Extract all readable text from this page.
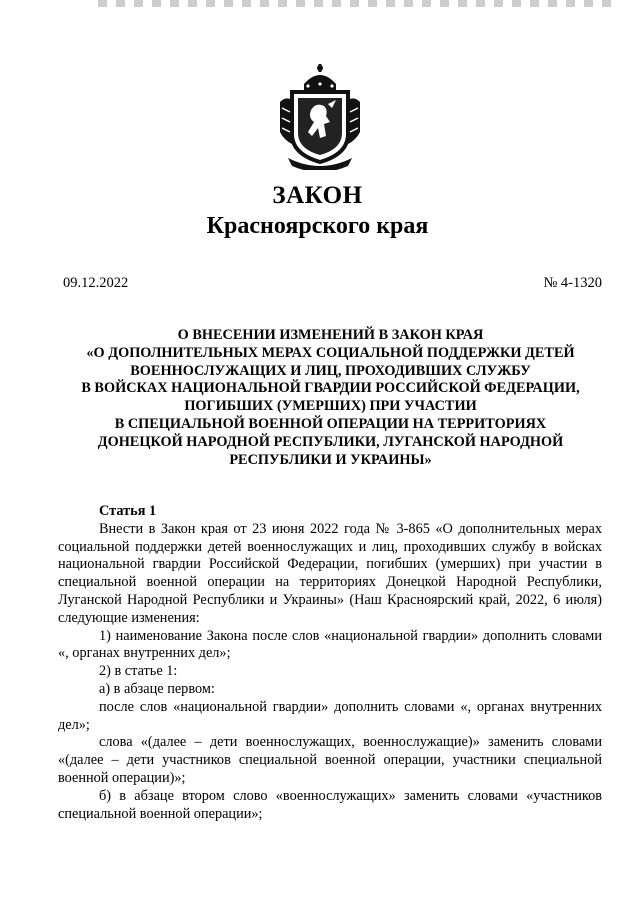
ЗАКОН
Красноярского края
09.12.2022	№ 4-1320
О ВНЕСЕНИИ ИЗМЕНЕНИЙ В ЗАКОН КРАЯ
«О ДОПОЛНИТЕЛЬНЫХ МЕРАХ СОЦИАЛЬНОЙ ПОДДЕРЖКИ ДЕТЕЙ
ВОЕННОСЛУЖАЩИХ И ЛИЦ, ПРОХОДИВШИХ СЛУЖБУ
В ВОЙСКАХ НАЦИОНАЛЬНОЙ ГВАРДИИ РОССИЙСКОЙ ФЕДЕРАЦИИ,
ПОГИБШИХ (УМЕРШИХ) ПРИ УЧАСТИИ
В СПЕЦИАЛЬНОЙ ВОЕННОЙ ОПЕРАЦИИ НА ТЕРРИТОРИЯХ
ДОНЕЦКОЙ НАРОДНОЙ РЕСПУБЛИКИ, ЛУГАНСКОЙ НАРОДНОЙ
РЕСПУБЛИКИ И УКРАИНЫ»
Статья 1

Внести в Закон края от 23 июня 2022 года № 3-865 «О дополнительных мерах социальной поддержки детей военнослужащих и лиц, проходивших службу в войсках национальной гвардии Российской Федерации, погибших (умерших) при участии в специальной военной операции на территориях Донецкой Народной Республики, Луганской Народной Республики и Украины» (Наш Красноярский край, 2022, 6 июля) следующие изменения:

1) наименование Закона после слов «национальной гвардии» дополнить словами «, органах внутренних дел»;

2) в статье 1:

а) в абзаце первом:

после слов «национальной гвардии» дополнить словами «, органах внутренних дел»;

слова «(далее – дети военнослужащих, военнослужащие)» заменить словами «(далее – дети участников специальной военной операции, участники специальной военной операции)»;

б) в абзаце втором слово «военнослужащих» заменить словами «участников специальной военной операции»;
